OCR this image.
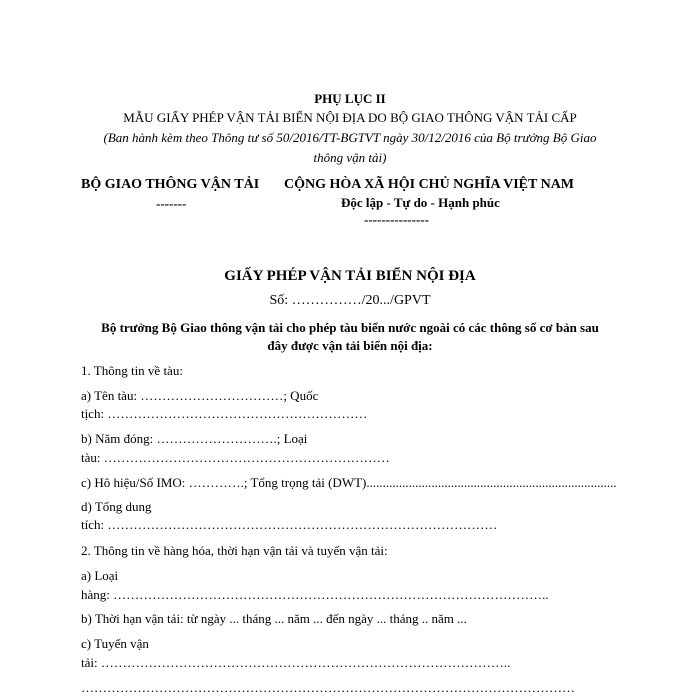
PHỤ LỤC II
MẪU GIẤY PHÉP VẬN TẢI BIỂN NỘI ĐỊA DO BỘ GIAO THÔNG VẬN TẢI CẤP
(Ban hành kèm theo Thông tư số 50/2016/TT-BGTVT ngày 30/12/2016 của Bộ trưởng Bộ Giao
thông vận tải)
BỘ GIAO THÔNG VẬN TẢI
-------
CỘNG HÒA XÃ HỘI CHỦ NGHĨA VIỆT NAM
Độc lập - Tự do - Hạnh phúc
---------------
GIẤY PHÉP VẬN TẢI BIỂN NỘI ĐỊA
Số: ……………/20.../GPVT
Bộ trưởng Bộ Giao thông vận tải cho phép tàu biển nước ngoài có các thông số cơ bản sau
đây được vận tải biển nội địa:
1. Thông tin về tàu:
a) Tên tàu: ……………………………; Quốc
tịch: ……………………………………………………
b) Năm đóng: ……………………….; Loại
tàu: …………………………………………………………
c) Hô hiệu/Số IMO: ………….; Tổng trọng tải (DWT).............................................................................
d) Tổng dung
tích: ………………………………………………………………………………
2. Thông tin về hàng hóa, thời hạn vận tải và tuyến vận tải:
a) Loại
hàng: ………………………………………………………………………………………..
b) Thời hạn vận tải: từ ngày ... tháng ... năm ... đến ngày ... tháng .. năm ...
c) Tuyến vận
tải: …………………………………………………………………………………..
……………………………………………………………………………………………………
